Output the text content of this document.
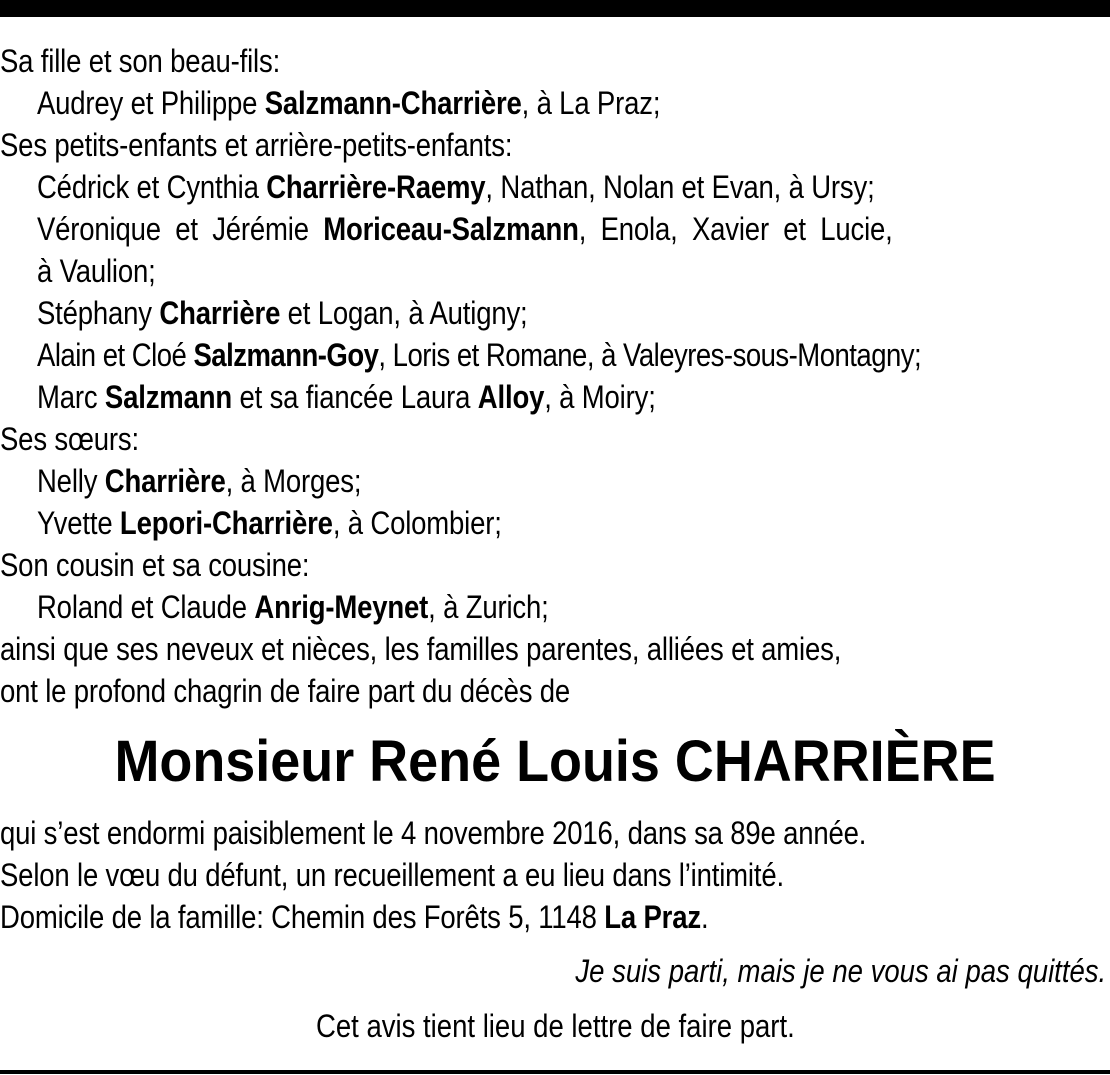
Sa fille et son beau-fils:
Audrey et Philippe Salzmann-Charrière, à La Praz;
Ses petits-enfants et arrière-petits-enfants:
Cédrick et Cynthia Charrière-Raemy, Nathan, Nolan et Evan, à Ursy;
Véronique et Jérémie Moriceau-Salzmann, Enola, Xavier et Lucie,
à Vaulion;
Stéphany Charrière et Logan, à Autigny;
Alain et Cloé Salzmann-Goy, Loris et Romane, à Valeyres-sous-Montagny;
Marc Salzmann et sa fiancée Laura Alloy, à Moiry;
Ses sœurs:
Nelly Charrière, à Morges;
Yvette Lepori-Charrière, à Colombier;
Son cousin et sa cousine:
Roland et Claude Anrig-Meynet, à Zurich;
ainsi que ses neveux et nièces, les familles parentes, alliées et amies,
ont le profond chagrin de faire part du décès de
Monsieur René Louis CHARRIÈRE
qui s’est endormi paisiblement le 4 novembre 2016, dans sa 89e année.
Selon le vœu du défunt, un recueillement a eu lieu dans l’intimité.
Domicile de la famille: Chemin des Forêts 5, 1148 La Praz.
Je suis parti, mais je ne vous ai pas quittés.
Cet avis tient lieu de lettre de faire part.
